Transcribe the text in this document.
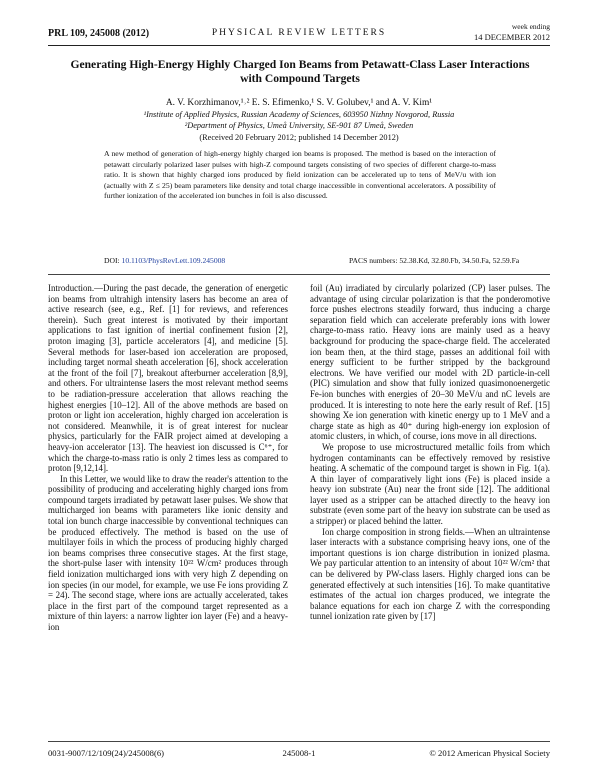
PRL 109, 245008 (2012)	PHYSICAL REVIEW LETTERS
week ending
14 DECEMBER 2012
Generating High-Energy Highly Charged Ion Beams from Petawatt-Class Laser Interactions with Compound Targets
A. V. Korzhimanov,¹˒² E. S. Efimenko,¹ S. V. Golubev,¹ and A. V. Kim¹
¹Institute of Applied Physics, Russian Academy of Sciences, 603950 Nizhny Novgorod, Russia
²Department of Physics, Umeå University, SE-901 87 Umeå, Sweden
(Received 20 February 2012; published 14 December 2012)
A new method of generation of high-energy highly charged ion beams is proposed. The method is based on the interaction of petawatt circularly polarized laser pulses with high-Z compound targets consisting of two species of different charge-to-mass ratio. It is shown that highly charged ions produced by field ionization can be accelerated up to tens of MeV/u with ion (actually with Z ≤ 25) beam parameters like density and total charge inaccessible in conventional accelerators. A possibility of further ionization of the accelerated ion bunches in foil is also discussed.
DOI: 10.1103/PhysRevLett.109.245008	PACS numbers: 52.38.Kd, 32.80.Fb, 34.50.Fa, 52.59.Fa

Introduction.—During the past decade, the generation of energetic ion beams from ultrahigh intensity lasers has become an area of active research (see, e.g., Ref. [1] for reviews, and references therein). Such great interest is motivated by their important applications to fast ignition of inertial confinement fusion [2], proton imaging [3], particle accelerators [4], and medicine [5]. Several methods for laser-based ion acceleration are proposed, including target normal sheath acceleration [6], shock acceleration at the front of the foil [7], breakout afterburner acceleration [8,9], and others. For ultraintense lasers the most relevant method seems to be radiation-pressure acceleration that allows reaching the highest energies [10–12]. All of the above methods are based on proton or light ion acceleration, highly charged ion acceleration is not considered. Meanwhile, it is of great interest for nuclear physics, particularly for the FAIR project aimed at developing a heavy-ion accelerator [13]. The heaviest ion discussed is C⁶⁺, for which the charge-to-mass ratio is only 2 times less as compared to proton [9,12,14].

In this Letter, we would like to draw the reader's attention to the possibility of producing and accelerating highly charged ions from compound targets irradiated by petawatt laser pulses. We show that multicharged ion beams with parameters like ionic density and total ion bunch charge inaccessible by conventional techniques can be produced effectively. The method is based on the use of multilayer foils in which the process of producing highly charged ion beams comprises three consecutive stages. At the first stage, the short-pulse laser with intensity 10²² W/cm² produces through field ionization multicharged ions with very high Z depending on ion species (in our model, for example, we use Fe ions providing Z = 24). The second stage, where ions are actually accelerated, takes place in the first part of the compound target represented as a mixture of thin layers: a narrow lighter ion layer (Fe) and a heavy-ion

foil (Au) irradiated by circularly polarized (CP) laser pulses. The advantage of using circular polarization is that the ponderomotive force pushes electrons steadily forward, thus inducing a charge separation field which can accelerate preferably ions with lower charge-to-mass ratio. Heavy ions are mainly used as a heavy background for producing the space-charge field. The accelerated ion beam then, at the third stage, passes an additional foil with energy sufficient to be further stripped by the background electrons. We have verified our model with 2D particle-in-cell (PIC) simulation and show that fully ionized quasimonoenergetic Fe-ion bunches with energies of 20–30 MeV/u and nC levels are produced. It is interesting to note here the early result of Ref. [15] showing Xe ion generation with kinetic energy up to 1 MeV and a charge state as high as 40⁺ during high-energy ion explosion of atomic clusters, in which, of course, ions move in all directions.

We propose to use microstructured metallic foils from which hydrogen contaminants can be effectively removed by resistive heating. A schematic of the compound target is shown in Fig. 1(a). A thin layer of comparatively light ions (Fe) is placed inside a heavy ion substrate (Au) near the front side [12]. The additional layer used as a stripper can be attached directly to the heavy ion substrate (even some part of the heavy ion substrate can be used as a stripper) or placed behind the latter.

Ion charge composition in strong fields.—When an ultraintense laser interacts with a substance comprising heavy ions, one of the important questions is ion charge distribution in ionized plasma. We pay particular attention to an intensity of about 10²² W/cm² that can be delivered by PW-class lasers. Highly charged ions can be generated effectively at such intensities [16]. To make quantitative estimates of the actual ion charges produced, we integrate the balance equations for each ion charge Z with the corresponding tunnel ionization rate given by [17]

0031-9007/12/109(24)/245008(6)	245008-1	© 2012 American Physical Society
